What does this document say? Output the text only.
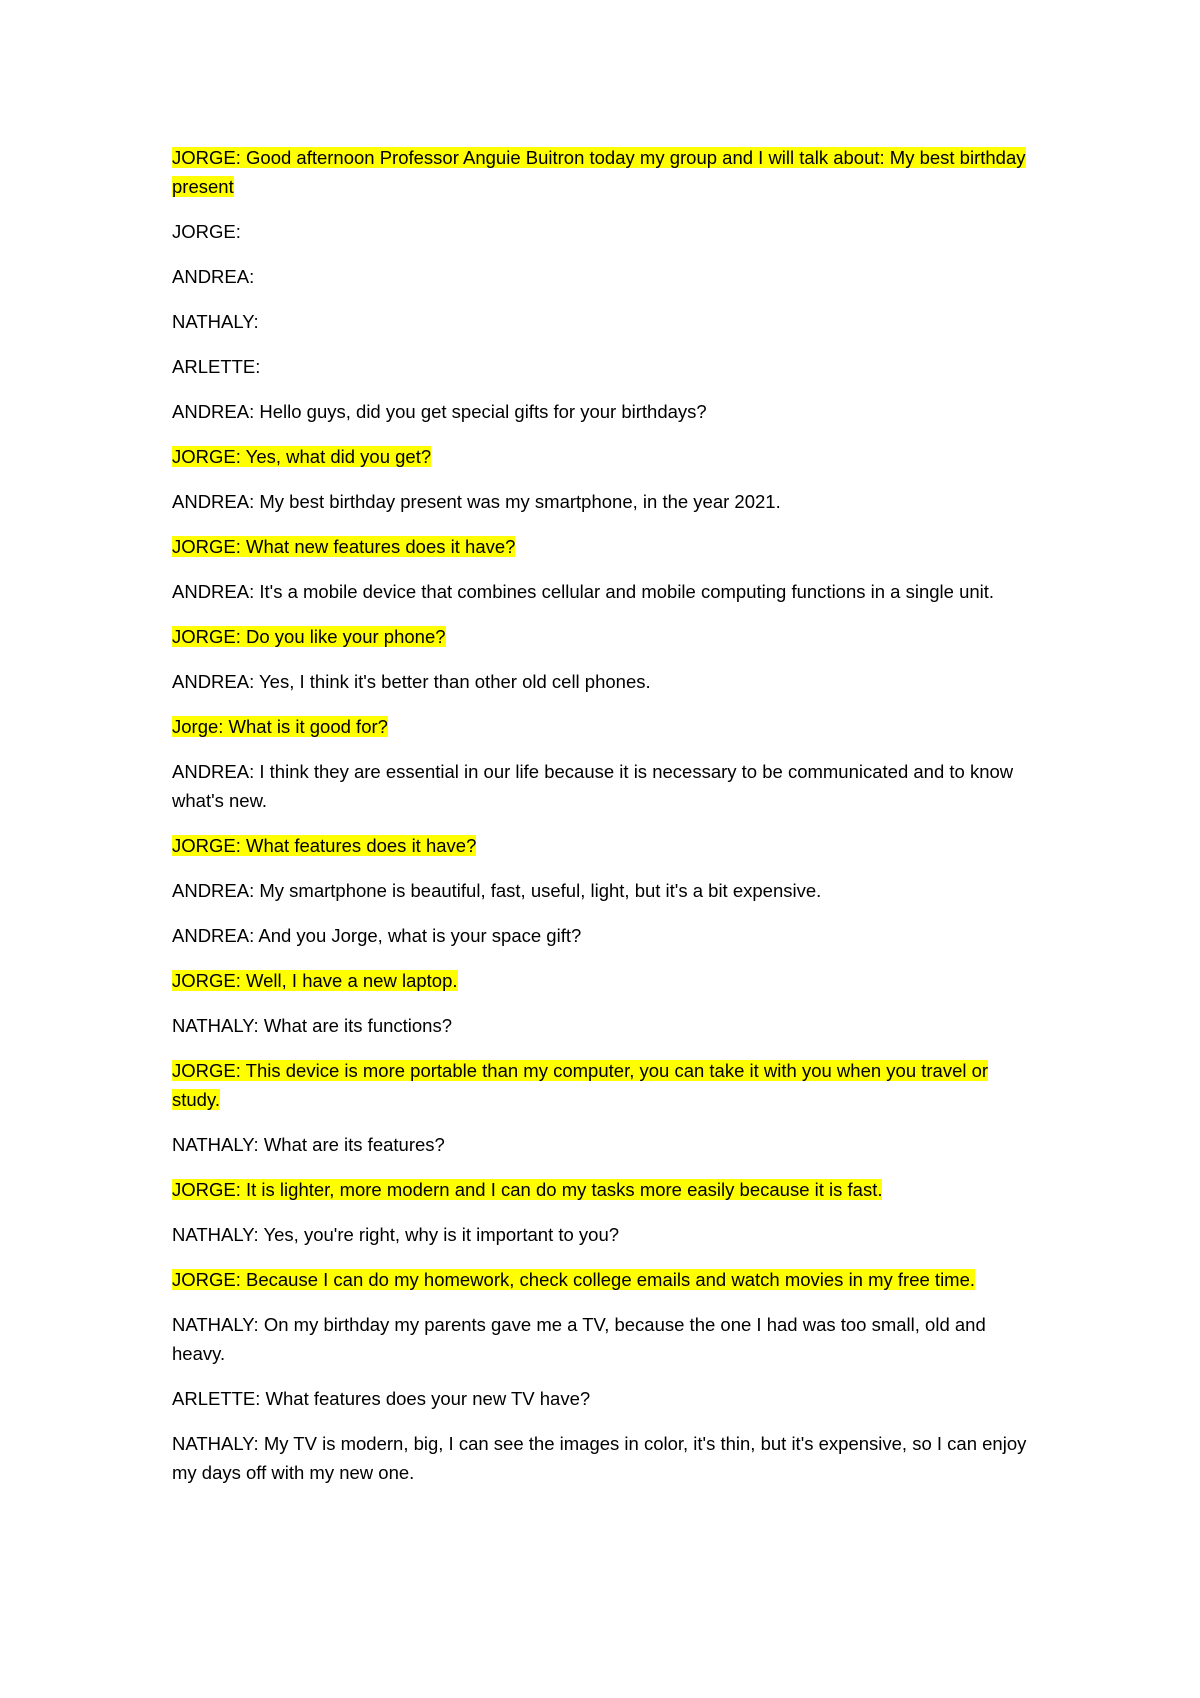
JORGE: Good afternoon Professor Anguie Buitron today my group and I will talk about: My best birthday present

JORGE:

ANDREA:

NATHALY:

ARLETTE:

ANDREA: Hello guys, did you get special gifts for your birthdays?

JORGE: Yes, what did you get?

ANDREA: My best birthday present was my smartphone, in the year 2021.

JORGE: What new features does it have?

ANDREA: It's a mobile device that combines cellular and mobile computing functions in a single unit.

JORGE: Do you like your phone?

ANDREA: Yes, I think it's better than other old cell phones.

Jorge: What is it good for?

ANDREA: I think they are essential in our life because it is necessary to be communicated and to know what's new.

JORGE: What features does it have?

ANDREA: My smartphone is beautiful, fast, useful, light, but it's a bit expensive.

ANDREA: And you Jorge, what is your space gift?

JORGE: Well, I have a new laptop.

NATHALY: What are its functions?

JORGE: This device is more portable than my computer, you can take it with you when you travel or study.

NATHALY: What are its features?

JORGE: It is lighter, more modern and I can do my tasks more easily because it is fast.

NATHALY: Yes, you're right, why is it important to you?

JORGE: Because I can do my homework, check college emails and watch movies in my free time.

NATHALY: On my birthday my parents gave me a TV, because the one I had was too small, old and heavy.

ARLETTE: What features does your new TV have?

NATHALY: My TV is modern, big, I can see the images in color, it's thin, but it's expensive, so I can enjoy my days off with my new one.
